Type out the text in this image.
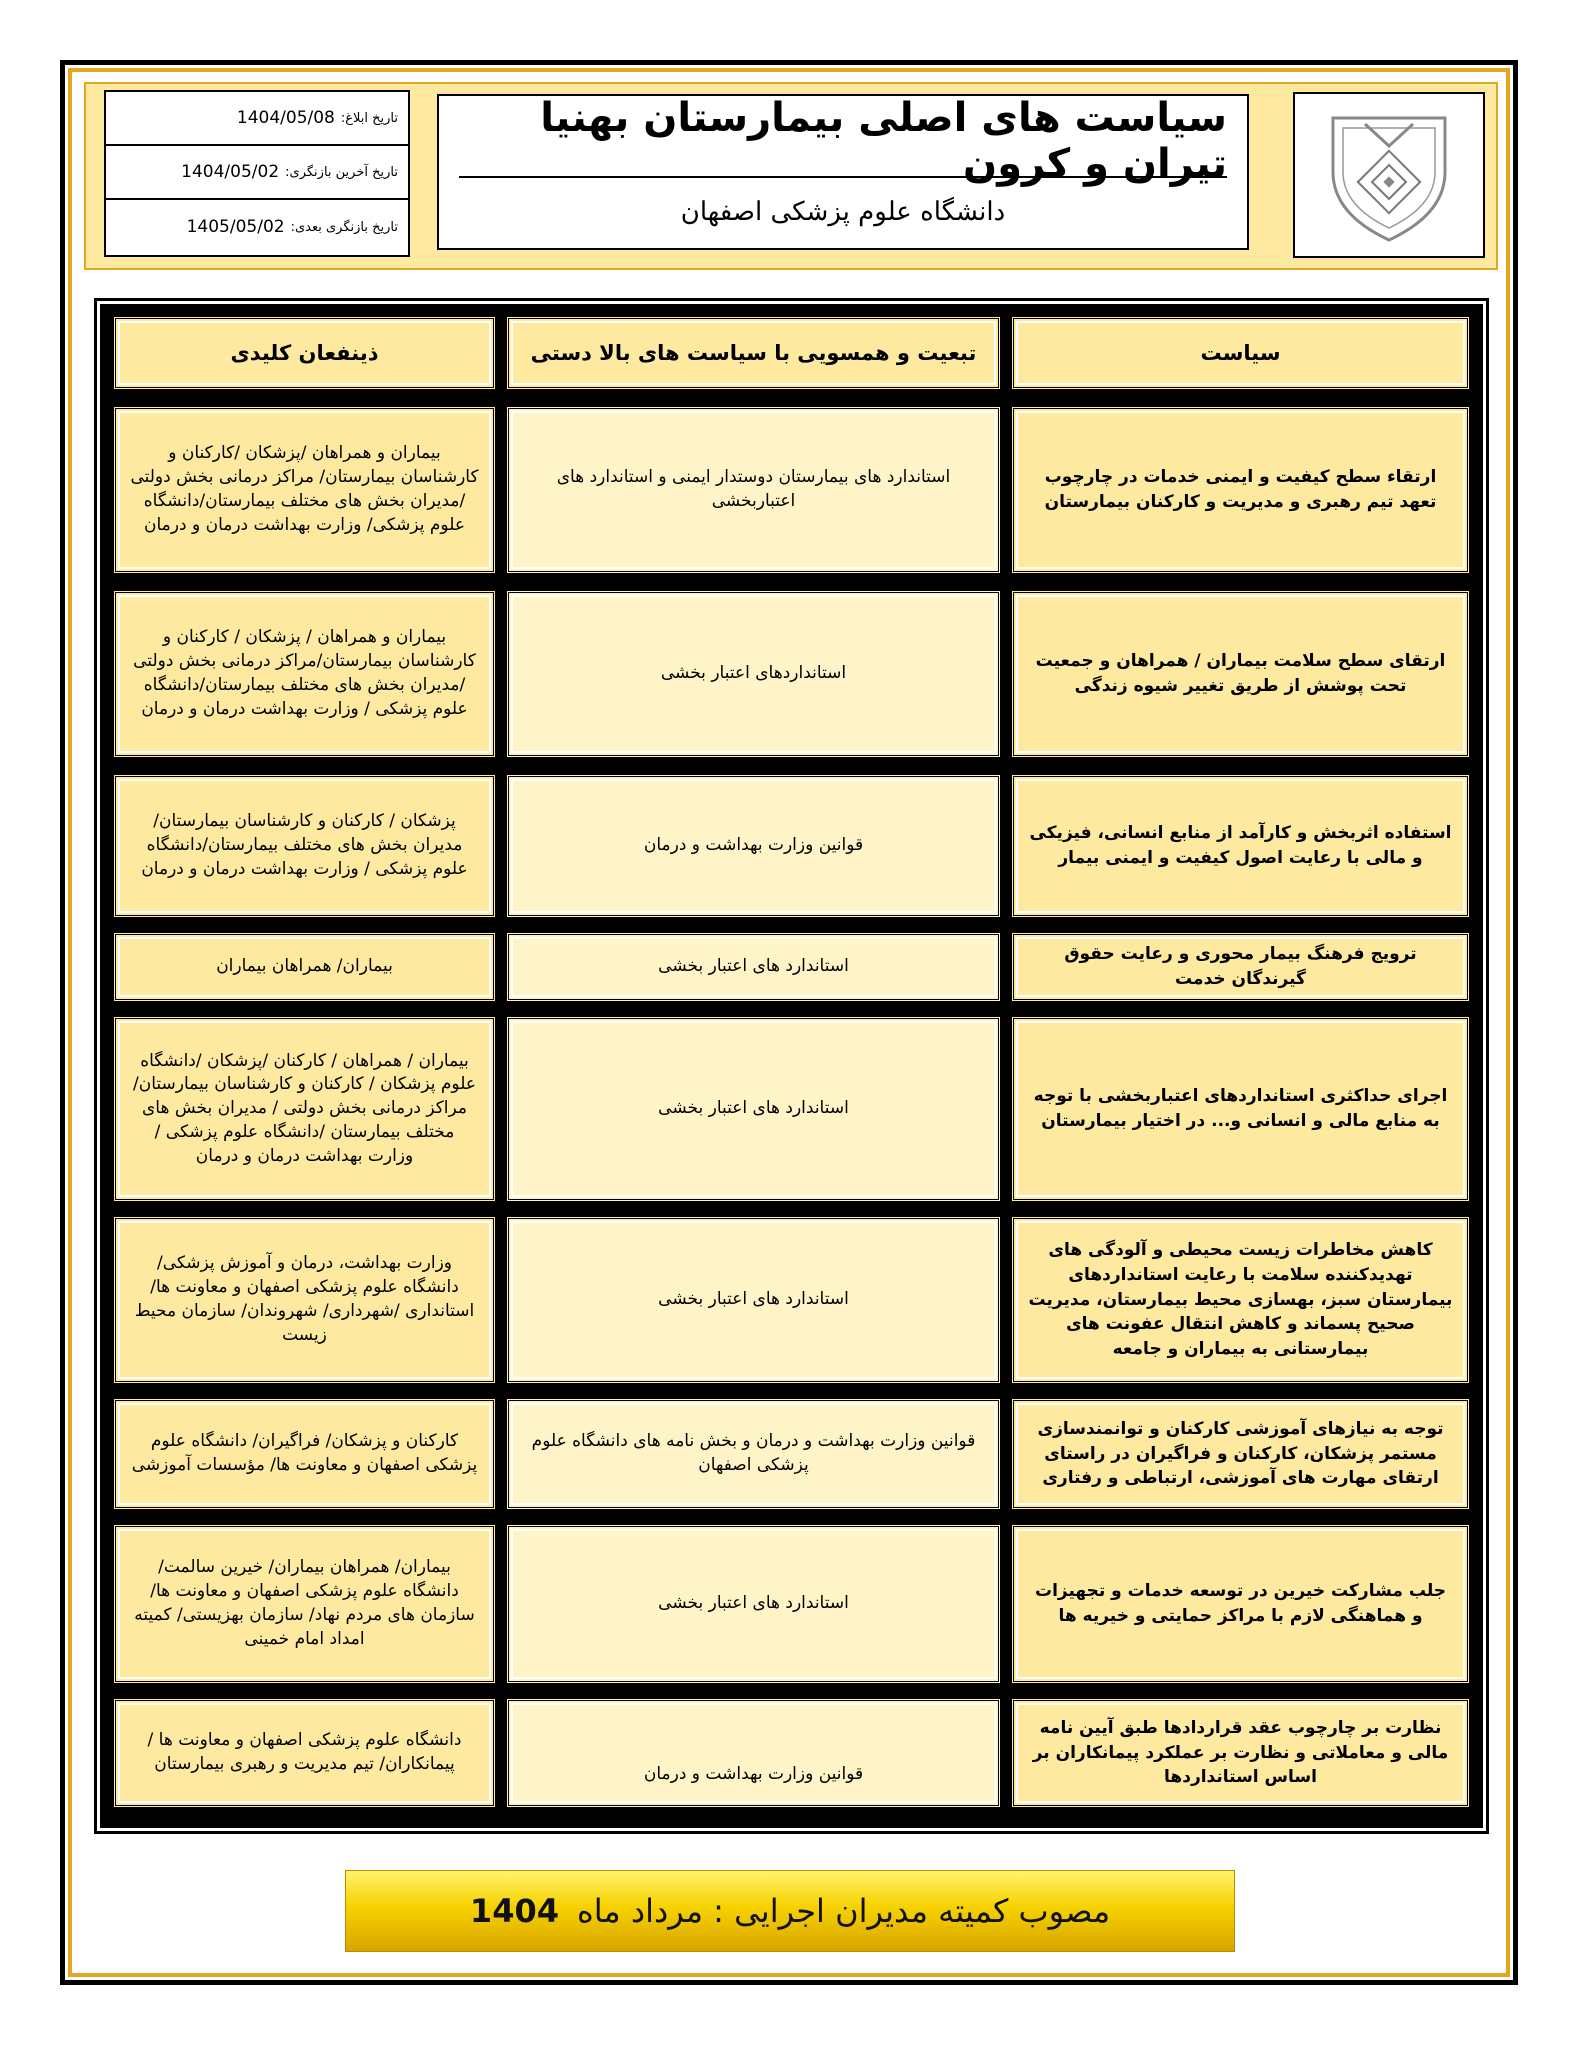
تاریخ ابلاغ:
1404/05/08
تاریخ آخرین بازنگری:
1404/05/02
تاریخ بازنگری بعدی:
1405/05/02
سیاست های اصلی بیمارستان بهنیا تیران و کرون
دانشگاه علوم پزشکی اصفهان
سیاست
تبعیت و همسویی با سیاست های بالا دستی
ذینفعان کلیدی
ارتقاء سطح کیفیت و ایمنی خدمات در چارچوب تعهد تیم رهبری و مدیریت و کارکنان بیمارستان
استاندارد های بیمارستان دوستدار ایمنی و استاندارد های اعتباربخشی
بیماران و همراهان /پزشکان /کارکنان و کارشناسان بیمارستان/ مراکز درمانی بخش دولتی /مدیران بخش های مختلف بیمارستان/دانشگاه علوم پزشکی/ وزارت بهداشت درمان و درمان
ارتقای سطح سلامت بیماران / همراهان و جمعیت تحت پوشش از طریق تغییر شیوه زندگی
استانداردهای اعتبار بخشی
بیماران و همراهان / پزشکان / کارکنان و کارشناسان بیمارستان/مراکز درمانی بخش دولتی /مدیران بخش های مختلف بیمارستان/دانشگاه علوم پزشکی / وزارت بهداشت درمان و درمان
استفاده اثربخش و کارآمد از منابع انسانی، فیزیکی و مالی با رعایت اصول کیفیت و ایمنی بیمار
قوانین وزارت بهداشت و درمان
پزشکان / کارکنان و کارشناسان بیمارستان/مدیران بخش های مختلف بیمارستان/دانشگاه علوم پزشکی / وزارت بهداشت درمان و درمان
ترویج فرهنگ بیمار محوری و رعایت حقوق گیرندگان خدمت
استاندارد های اعتبار بخشی
بیماران/ همراهان بیماران
اجرای حداکثری استانداردهای اعتباربخشی با توجه به منابع مالی و انسانی و... در اختیار بیمارستان
استاندارد های اعتبار بخشی
بیماران / همراهان / کارکنان /پزشکان /دانشگاه علوم پزشکان / کارکنان و کارشناسان بیمارستان/مراکز درمانی بخش دولتی / مدیران بخش های مختلف بیمارستان /دانشگاه علوم پزشکی / وزارت بهداشت درمان و درمان
کاهش مخاطرات زیست محیطی و آلودگی های تهدیدکننده سلامت با رعایت استانداردهای بیمارستان سبز، بهسازی محیط بیمارستان، مدیریت صحیح پسماند و کاهش انتقال عفونت های بیمارستانی به بیماران و جامعه
استاندارد های اعتبار بخشی
وزارت بهداشت، درمان و آموزش پزشکی/ دانشگاه علوم پزشکی اصفهان و معاونت ها/ استانداری /شهرداری/ شهروندان/ سازمان محیط زیست
توجه به نیازهای آموزشی کارکنان و توانمندسازی مستمر پزشکان، کارکنان و فراگیران در راستای ارتقای مهارت های آموزشی، ارتباطی و رفتاری
قوانین وزارت بهداشت و درمان و بخش نامه های دانشگاه علوم پزشکی اصفهان
کارکنان و پزشکان/ فراگیران/ دانشگاه علوم پزشکی اصفهان و معاونت ها/ مؤسسات آموزشی
جلب مشارکت خیرین در توسعه خدمات و تجهیزات و هماهنگی لازم با مراکز حمایتی و خیریه ها
استاندارد های اعتبار بخشی
بیماران/ همراهان بیماران/ خیرین سالمت/ دانشگاه علوم پزشکی اصفهان و معاونت ها/ سازمان های مردم نهاد/ سازمان بهزیستی/ کمیته امداد امام خمینی
نظارت بر چارچوب عقد قراردادها طبق آیین نامه مالی و معاملاتی و نظارت بر عملکرد پیمانکاران بر اساس استانداردها
قوانین وزارت بهداشت و درمان
دانشگاه علوم پزشکی اصفهان و معاونت ها /پیمانکاران/ تیم مدیریت و رهبری بیمارستان
مصوب کمیته مدیران اجرایی : مرداد ماه
1404
